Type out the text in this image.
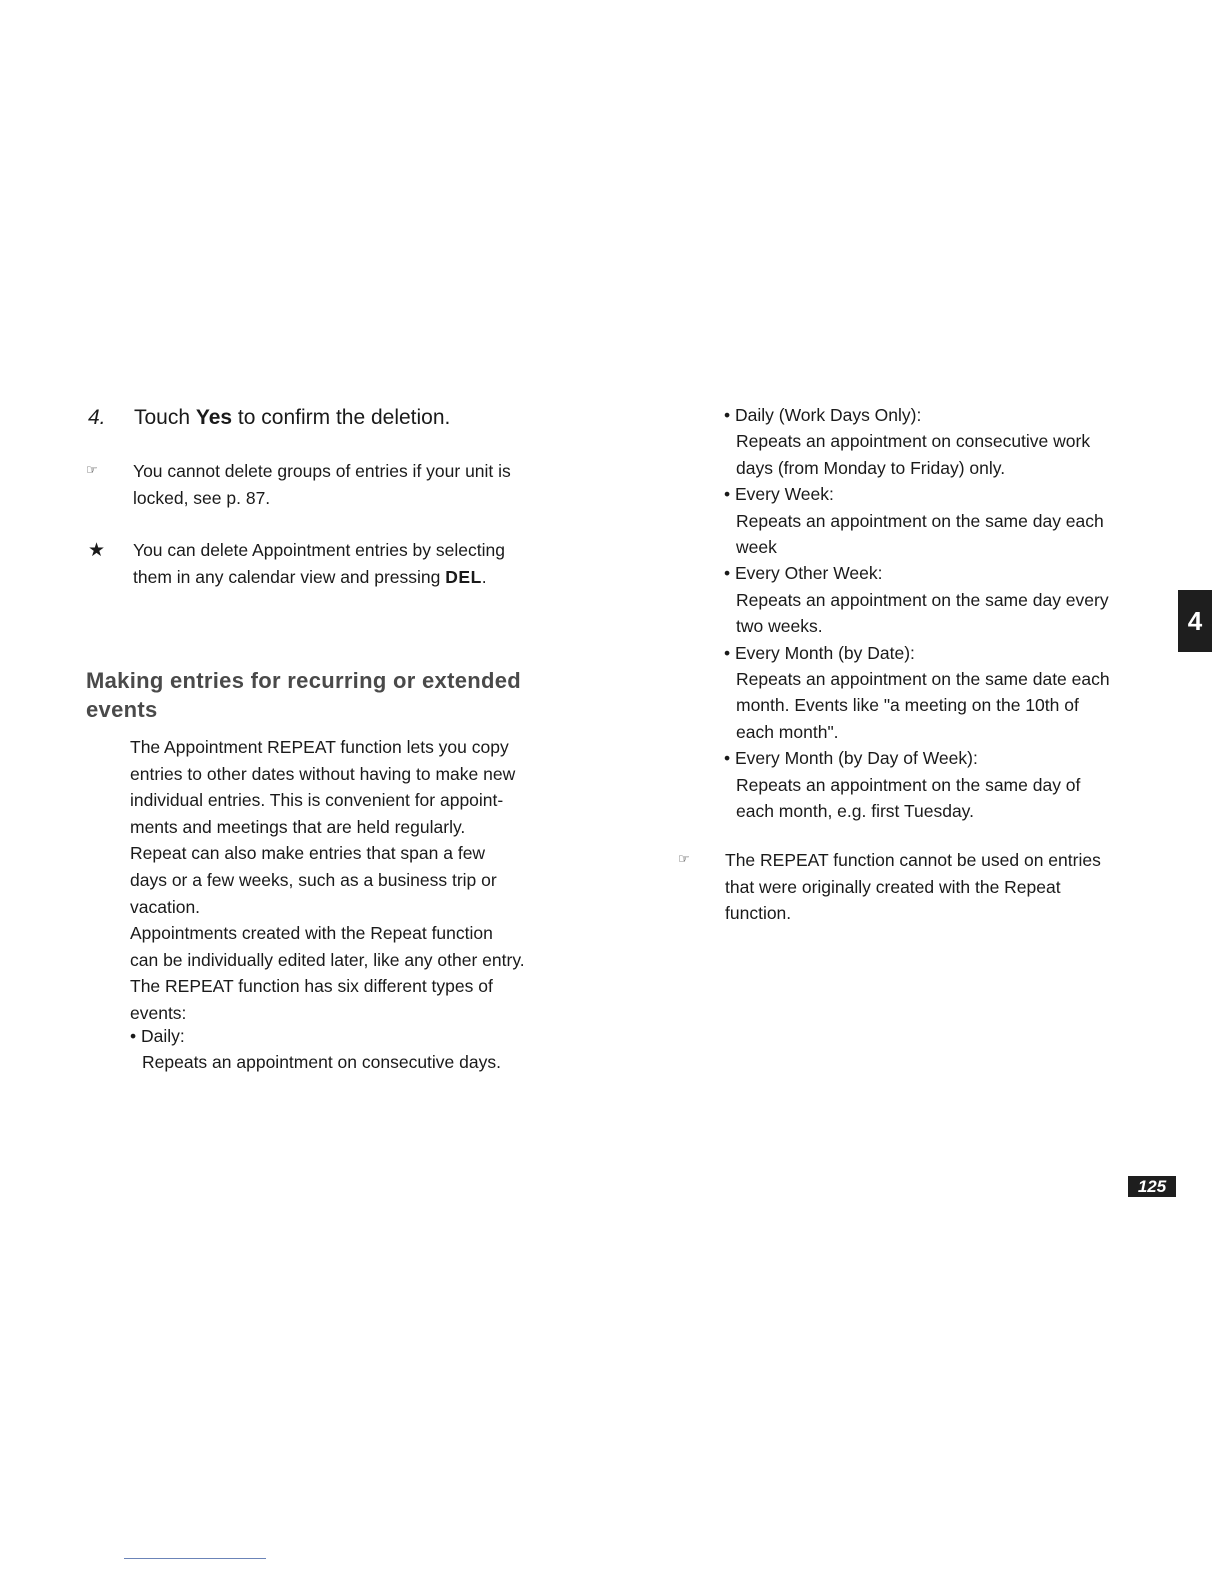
4.	Touch Yes to confirm the deletion.
☞	You cannot delete groups of entries if your unit is
locked, see p. 87.
★	You can delete Appointment entries by selecting
them in any calendar view and pressing DEL.
Making entries for recurring or extended
events
The Appointment REPEAT function lets you copy
entries to other dates without having to make new
individual entries. This is convenient for appoint-
ments and meetings that are held regularly.
Repeat can also make entries that span a few
days or a few weeks, such as a business trip or
vacation.
Appointments created with the Repeat function
can be individually edited later, like any other entry.
The REPEAT function has six different types of
events:
• Daily:
Repeats an appointment on consecutive days.
• Daily (Work Days Only):
Repeats an appointment on consecutive work
days (from Monday to Friday) only.
• Every Week:
Repeats an appointment on the same day each
week
• Every Other Week:
Repeats an appointment on the same day every
two weeks.
• Every Month (by Date):
Repeats an appointment on the same date each
month. Events like "a meeting on the 10th of
each month".
• Every Month (by Day of Week):
Repeats an appointment on the same day of
each month, e.g. first Tuesday.
☞	The REPEAT function cannot be used on entries
that were originally created with the Repeat
function.
4
125
